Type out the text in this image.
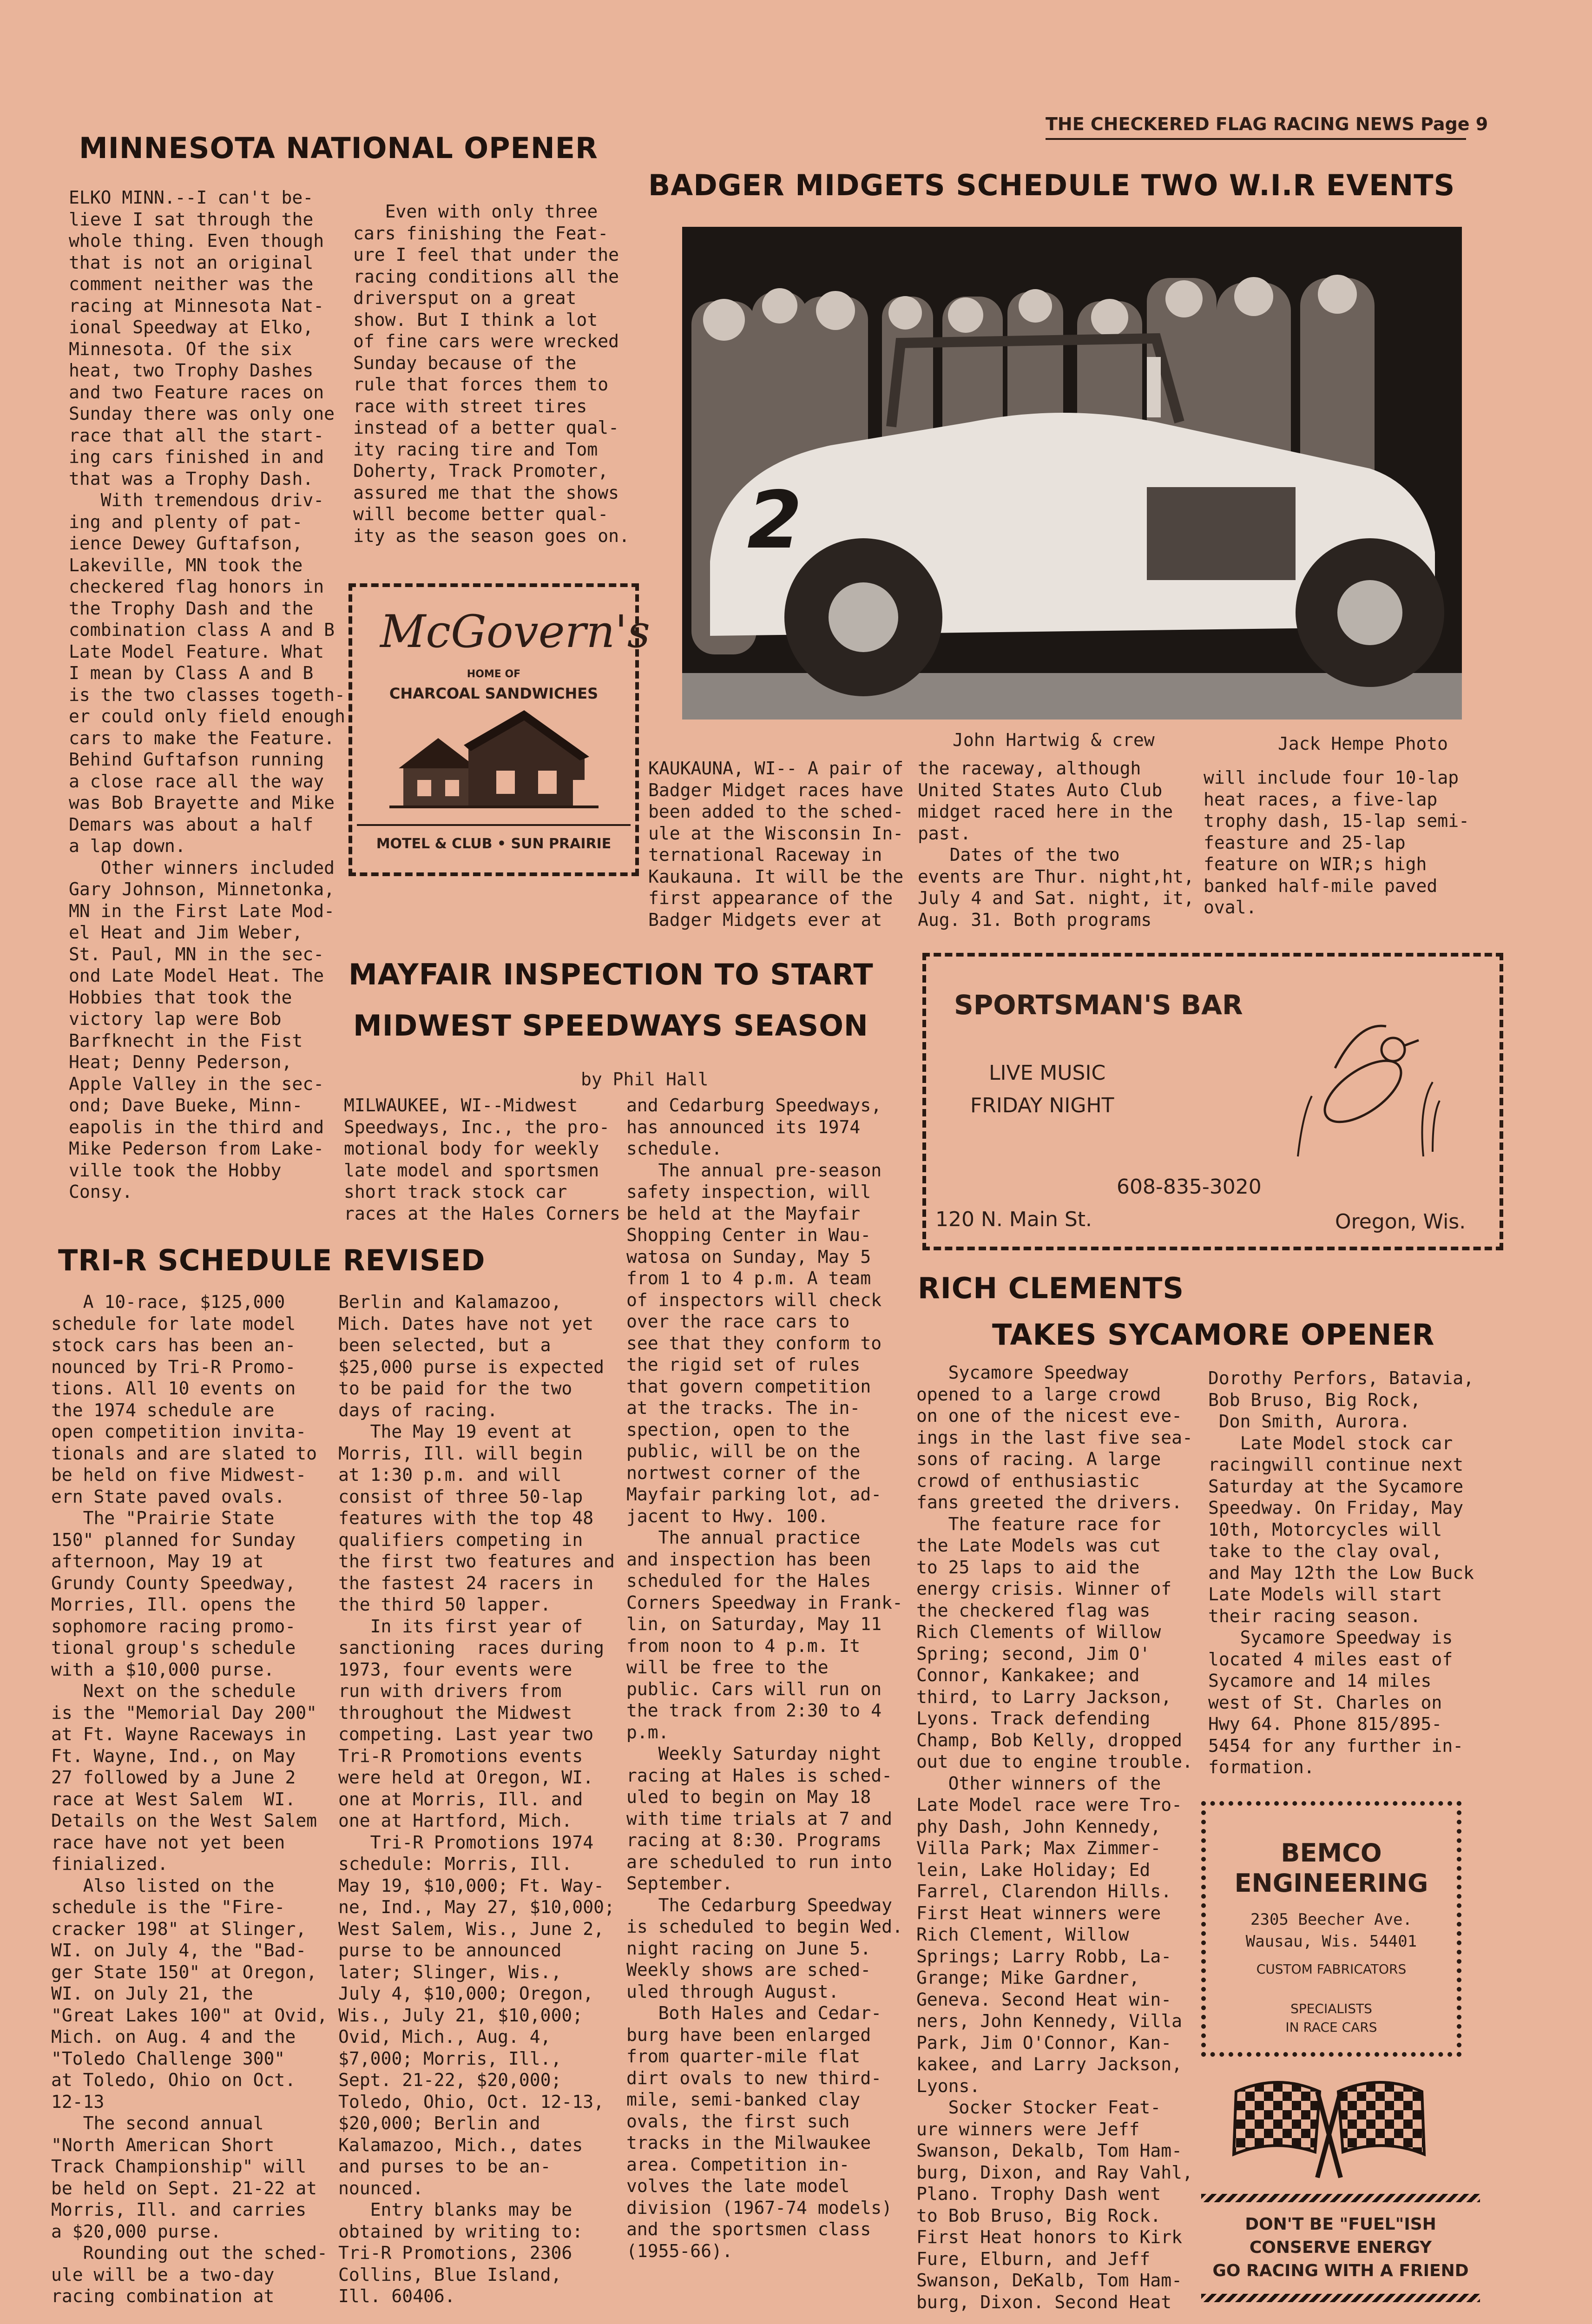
THE CHECKERED FLAG RACING NEWS Page 9
MINNESOTA NATIONAL OPENER
ELKO MINN.--I can't be-
lieve I sat through the
whole thing. Even though
that is not an original
comment neither was the
racing at Minnesota Nat-
ional Speedway at Elko,
Minnesota. Of the six
heat, two Trophy Dashes
and two Feature races on
Sunday there was only one
race that all the start-
ing cars finished in and
that was a Trophy Dash.
With tremendous driv-
ing and plenty of pat-
ience Dewey Guftafson,
Lakeville, MN took the
checkered flag honors in
the Trophy Dash and the
combination class A and B
Late Model Feature. What
I mean by Class A and B
is the two classes togeth-
er could only field enough
cars to make the Feature.
Behind Guftafson running
a close race all the way
was Bob Brayette and Mike
Demars was about a half
a lap down.
Other winners included
Gary Johnson, Minnetonka,
MN in the First Late Mod-
el Heat and Jim Weber,
St. Paul, MN in the sec-
ond Late Model Heat. The
Hobbies that took the
victory lap were Bob
Barfknecht in the Fist
Heat; Denny Pederson,
Apple Valley in the sec-
ond; Dave Bueke, Minn-
eapolis in the third and
Mike Pederson from Lake-
ville took the Hobby
Consy.
Even with only three
cars finishing the Feat-
ure I feel that under the
racing conditions all the
driversput on a great
show. But I think a lot
of fine cars were wrecked
Sunday because of the
rule that forces them to
race with street tires
instead of a better qual-
ity racing tire and Tom
Doherty, Track Promoter,
assured me that the shows
will become better qual-
ity as the season goes on.
McGovern's
HOME OF
CHARCOAL SANDWICHES
MOTEL & CLUB • SUN PRAIRIE
BADGER MIDGETS SCHEDULE TWO W.I.R EVENTS
2
John Hartwig & crew	Jack Hempe Photo
KAUKAUNA, WI-- A pair of
Badger Midget races have
been added to the sched-
ule at the Wisconsin In-
ternational Raceway in
Kaukauna. It will be the
first appearance of the
Badger Midgets ever at
the raceway, although
United States Auto Club
midget raced here in the
past.
Dates of the two
events are Thur. night,ht,
July 4 and Sat. night, it,
Aug. 31. Both programs
will include four 10-lap
heat races, a five-lap
trophy dash, 15-lap semi-
feasture and 25-lap
feature on WIR;s high
banked half-mile paved
oval.
MAYFAIR INSPECTION TO START
MIDWEST SPEEDWAYS SEASON
by Phil Hall
MILWAUKEE, WI--Midwest
Speedways, Inc., the pro-
motional body for weekly
late model and sportsmen
short track stock car
races at the Hales Corners
and Cedarburg Speedways,
has announced its 1974
schedule.
The annual pre-season
safety inspection, will
be held at the Mayfair
Shopping Center in Wau-
watosa on Sunday, May 5
from 1 to 4 p.m. A team
of inspectors will check
over the race cars to
see that they conform to
the rigid set of rules
that govern competition
at the tracks. The in-
spection, open to the
public, will be on the
nortwest corner of the
Mayfair parking lot, ad-
jacent to Hwy. 100.
The annual practice
and inspection has been
scheduled for the Hales
Corners Speedway in Frank-
lin, on Saturday, May 11
from noon to 4 p.m. It
will be free to the
public. Cars will run on
the track from 2:30 to 4
p.m.
Weekly Saturday night
racing at Hales is sched-
uled to begin on May 18
with time trials at 7 and
racing at 8:30. Programs
are scheduled to run into
September.
The Cedarburg Speedway
is scheduled to begin Wed.
night racing on June 5.
Weekly shows are sched-
uled through August.
Both Hales and Cedar-
burg have been enlarged
from quarter-mile flat
dirt ovals to new third-
mile, semi-banked clay
ovals, the first such
tracks in the Milwaukee
area. Competition in-
volves the late model
division (1967-74 models)
and the sportsmen class
(1955-66).
SPORTSMAN'S BAR
LIVE MUSIC
FRIDAY NIGHT
608-835-3020
120 N. Main St.	Oregon, Wis.
TRI-R SCHEDULE REVISED
A 10-race, $125,000
schedule for late model
stock cars has been an-
nounced by Tri-R Promo-
tions. All 10 events on
the 1974 schedule are
open competition invita-
tionals and are slated to
be held on five Midwest-
ern State paved ovals.
The "Prairie State
150" planned for Sunday
afternoon, May 19 at
Grundy County Speedway,
Morries, Ill. opens the
sophomore racing promo-
tional group's schedule
with a $10,000 purse.
Next on the schedule
is the "Memorial Day 200"
at Ft. Wayne Raceways in
Ft. Wayne, Ind., on May
27 followed by a June 2
race at West Salem  WI.
Details on the West Salem
race have not yet been
finialized.
Also listed on the
schedule is the "Fire-
cracker 198" at Slinger,
WI. on July 4, the "Bad-
ger State 150" at Oregon,
WI. on July 21, the
"Great Lakes 100" at Ovid,
Mich. on Aug. 4 and the
"Toledo Challenge 300"
at Toledo, Ohio on Oct.
12-13
The second annual
"North American Short
Track Championship" will
be held on Sept. 21-22 at
Morris, Ill. and carries
a $20,000 purse.
Rounding out the sched-
ule will be a two-day
racing combination at
Berlin and Kalamazoo,
Mich. Dates have not yet
been selected, but a
$25,000 purse is expected
to be paid for the two
days of racing.
The May 19 event at
Morris, Ill. will begin
at 1:30 p.m. and will
consist of three 50-lap
features with the top 48
qualifiers competing in
the first two features and
the fastest 24 racers in
the third 50 lapper.
In its first year of
sanctioning  races during
1973, four events were
run with drivers from
throughout the Midwest
competing. Last year two
Tri-R Promotions events
were held at Oregon, WI.
one at Morris, Ill. and
one at Hartford, Mich.
Tri-R Promotions 1974
schedule: Morris, Ill.
May 19, $10,000; Ft. Way-
ne, Ind., May 27, $10,000;
West Salem, Wis., June 2,
purse to be announced
later; Slinger, Wis.,
July 4, $10,000; Oregon,
Wis., July 21, $10,000;
Ovid, Mich., Aug. 4,
$7,000; Morris, Ill.,
Sept. 21-22, $20,000;
Toledo, Ohio, Oct. 12-13,
$20,000; Berlin and
Kalamazoo, Mich., dates
and purses to be an-
nounced.
Entry blanks may be
obtained by writing to:
Tri-R Promotions, 2306
Collins, Blue Island,
Ill. 60406.
RICH CLEMENTS
TAKES SYCAMORE OPENER
Sycamore Speedway
opened to a large crowd
on one of the nicest eve-
ings in the last five sea-
sons of racing. A large
crowd of enthusiastic
fans greeted the drivers.
The feature race for
the Late Models was cut
to 25 laps to aid the
energy crisis. Winner of
the checkered flag was
Rich Clements of Willow
Spring; second, Jim O'
Connor, Kankakee; and
third, to Larry Jackson,
Lyons. Track defending
Champ, Bob Kelly, dropped
out due to engine trouble.
Other winners of the
Late Model race were Tro-
phy Dash, John Kennedy,
Villa Park; Max Zimmer-
lein, Lake Holiday; Ed
Farrel, Clarendon Hills.
First Heat winners were
Rich Clement, Willow
Springs; Larry Robb, La-
Grange; Mike Gardner,
Geneva. Second Heat win-
ners, John Kennedy, Villa
Park, Jim O'Connor, Kan-
kakee, and Larry Jackson,
Lyons.
Socker Stocker Feat-
ure winners were Jeff
Swanson, Dekalb, Tom Ham-
burg, Dixon, and Ray Vahl,
Plano. Trophy Dash went
to Bob Bruso, Big Rock.
First Heat honors to Kirk
Fure, Elburn, and Jeff
Swanson, DeKalb, Tom Ham-
burg, Dixon. Second Heat
Dorothy Perfors, Batavia,
Bob Bruso, Big Rock,
Don Smith, Aurora.
Late Model stock car
racingwill continue next
Saturday at the Sycamore
Speedway. On Friday, May
10th, Motorcycles will
take to the clay oval,
and May 12th the Low Buck
Late Models will start
their racing season.
Sycamore Speedway is
located 4 miles east of
Sycamore and 14 miles
west of St. Charles on
Hwy 64. Phone 815/895-
5454 for any further in-
formation.
BEMCO
ENGINEERING
2305 Beecher Ave.
Wausau, Wis. 54401
CUSTOM FABRICATORS
SPECIALISTS
IN RACE CARS
DON'T BE "FUEL"ISH
CONSERVE ENERGY
GO RACING WITH A FRIEND
